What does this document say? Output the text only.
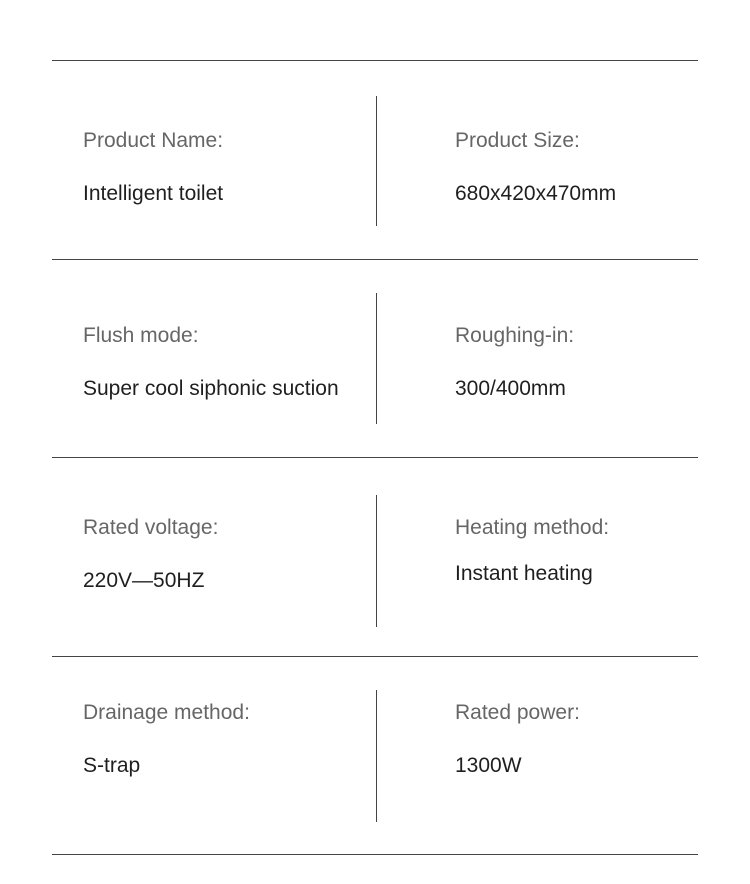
Product Name:
Intelligent toilet
Product Size:
680x420x470mm
Flush mode:
Super cool siphonic suction
Roughing-in:
300/400mm
Rated voltage:
220V—50HZ
Heating method:
Instant heating
Drainage method:
S-trap
Rated power:
1300W
